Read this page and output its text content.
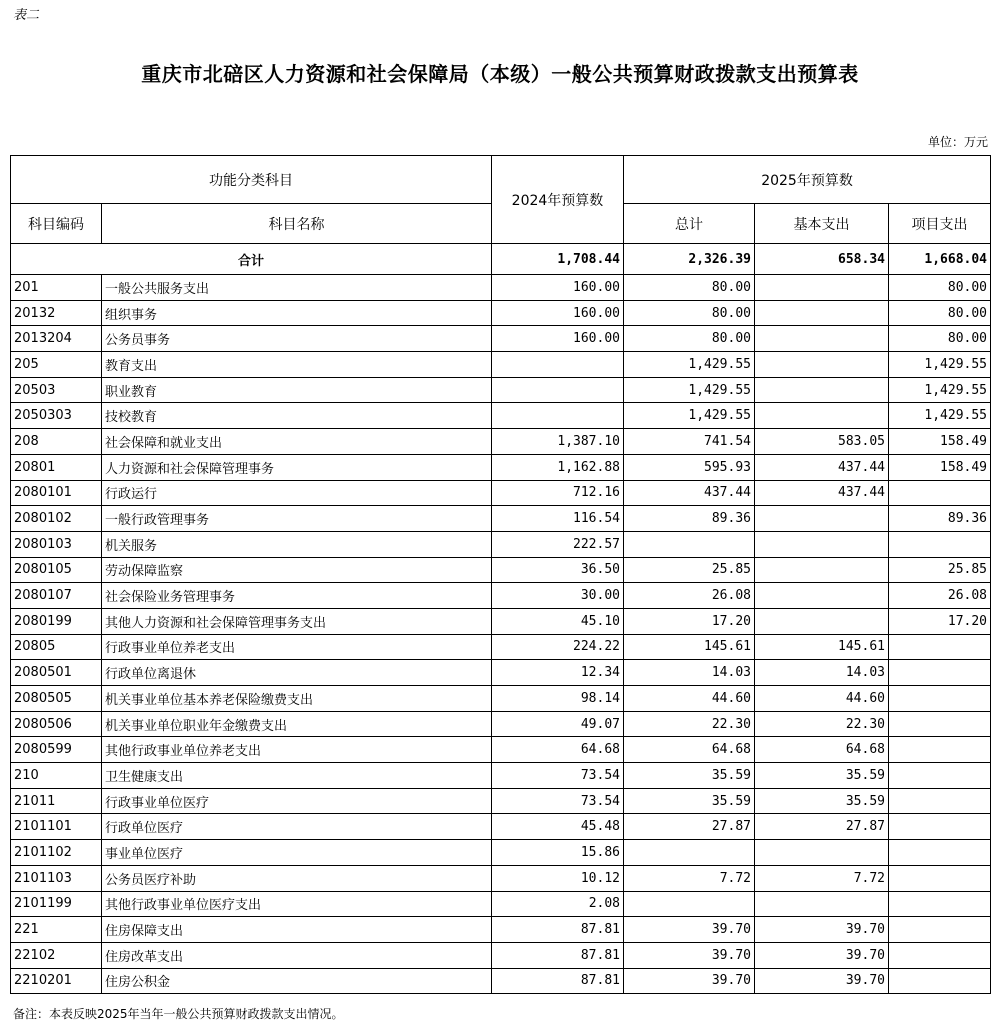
表二
重庆市北碚区人力资源和社会保障局（本级）一般公共预算财政拨款支出预算表
单位：万元
功能分类科目		2024年预算数	2025年预算数		
科目编码	科目名称		总计	基本支出	项目支出
合计		1,708.44	2,326.39	658.34	1,668.04
201	一般公共服务支出	160.00	80.00		80.00
20132	组织事务	160.00	80.00		80.00
2013204	公务员事务	160.00	80.00		80.00
205	教育支出		1,429.55		1,429.55
20503	职业教育		1,429.55		1,429.55
2050303	技校教育		1,429.55		1,429.55
208	社会保障和就业支出	1,387.10	741.54	583.05	158.49
20801	人力资源和社会保障管理事务	1,162.88	595.93	437.44	158.49
2080101	行政运行	712.16	437.44	437.44	
2080102	一般行政管理事务	116.54	89.36		89.36
2080103	机关服务	222.57			
2080105	劳动保障监察	36.50	25.85		25.85
2080107	社会保险业务管理事务	30.00	26.08		26.08
2080199	其他人力资源和社会保障管理事务支出	45.10	17.20		17.20
20805	行政事业单位养老支出	224.22	145.61	145.61	
2080501	行政单位离退休	12.34	14.03	14.03	
2080505	机关事业单位基本养老保险缴费支出	98.14	44.60	44.60	
2080506	机关事业单位职业年金缴费支出	49.07	22.30	22.30	
2080599	其他行政事业单位养老支出	64.68	64.68	64.68	
210	卫生健康支出	73.54	35.59	35.59	
21011	行政事业单位医疗	73.54	35.59	35.59	
2101101	行政单位医疗	45.48	27.87	27.87	
2101102	事业单位医疗	15.86			
2101103	公务员医疗补助	10.12	7.72	7.72	
2101199	其他行政事业单位医疗支出	2.08			
221	住房保障支出	87.81	39.70	39.70	
22102	住房改革支出	87.81	39.70	39.70	
2210201	住房公积金	87.81	39.70	39.70	
备注：本表反映2025年当年一般公共预算财政拨款支出情况。
